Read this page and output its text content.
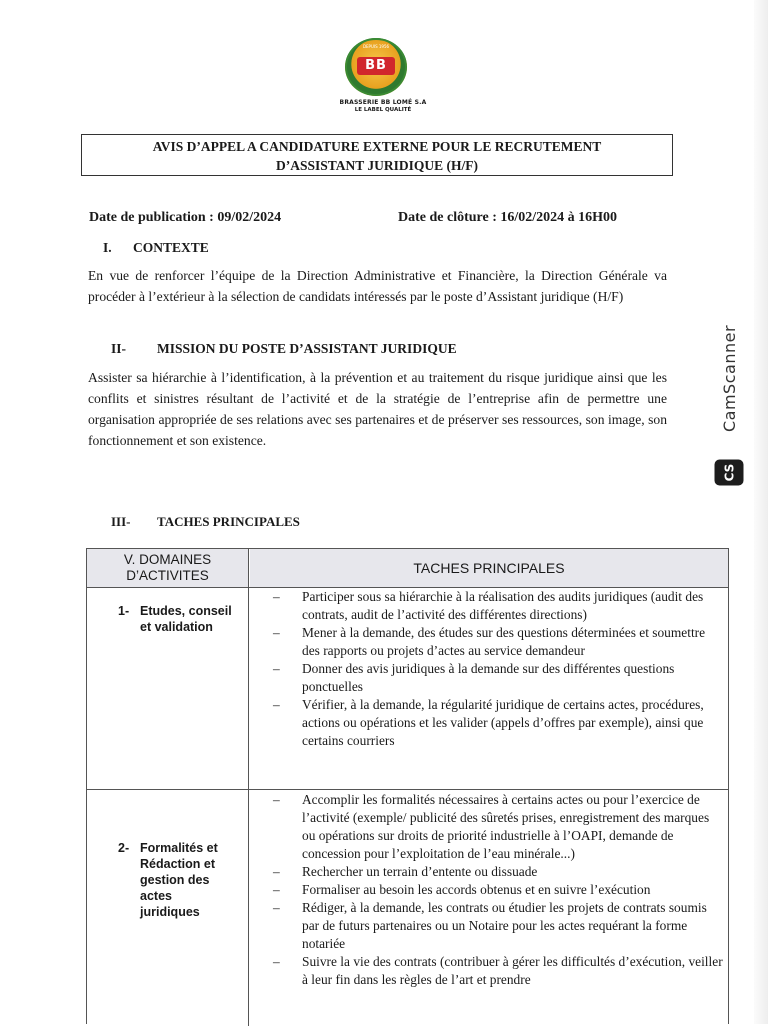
DEPUIS 1956
BB
BRASSERIE BB LOMÉ S.A
LE LABEL QUALITÉ
AVIS D’APPEL A CANDIDATURE EXTERNE POUR LE RECRUTEMENT
D’ASSISTANT JURIDIQUE (H/F)
Date de publication : 09/02/2024	Date de clôture : 16/02/2024 à 16H00
I. CONTEXTE
En vue de renforcer l’équipe de la Direction Administrative et Financière, la Direction Générale va procéder à l’extérieur à la sélection de candidats intéressés par le poste d’Assistant juridique (H/F)
II- MISSION DU POSTE D’ASSISTANT JURIDIQUE
Assister sa hiérarchie à l’identification, à la prévention et au traitement du risque juridique ainsi que les conflits et sinistres résultant de l’activité et de la stratégie de l’entreprise afin de permettre une organisation appropriée de ses relations avec ses partenaires et de préserver ses ressources, son image, son fonctionnement et son existence.
III- TACHES PRINCIPALES
CamScanner
CS
V. DOMAINES
D’ACTIVITES	TACHES PRINCIPALES
1- Etudes, conseil et validation
– Participer sous sa hiérarchie à la réalisation des audits juridiques (audit des contrats, audit de l’activité des différentes directions)
– Mener à la demande, des études sur des questions déterminées et soumettre des rapports ou projets d’actes au service demandeur
– Donner des avis juridiques à la demande sur des différentes questions ponctuelles
– Vérifier, à la demande, la régularité juridique de certains actes, procédures, actions ou opérations et les valider (appels d’offres par exemple), ainsi que certains courriers
2- Formalités et Rédaction et gestion des actes juridiques
– Accomplir les formalités nécessaires à certains actes ou pour l’exercice de l’activité (exemple/ publicité des sûretés prises, enregistrement des marques ou opérations sur droits de priorité industrielle à l’OAPI, demande de concession pour l’exploitation de l’eau minérale...)
– Rechercher un terrain d’entente ou dissuade
– Formaliser au besoin les accords obtenus et en suivre l’exécution
– Rédiger, à la demande, les contrats ou étudier les projets de contrats soumis par de futurs partenaires ou un Notaire pour les actes requérant la forme notariée
– Suivre la vie des contrats (contribuer à gérer les difficultés d’exécution, veiller à leur fin dans les règles de l’art et prendre
